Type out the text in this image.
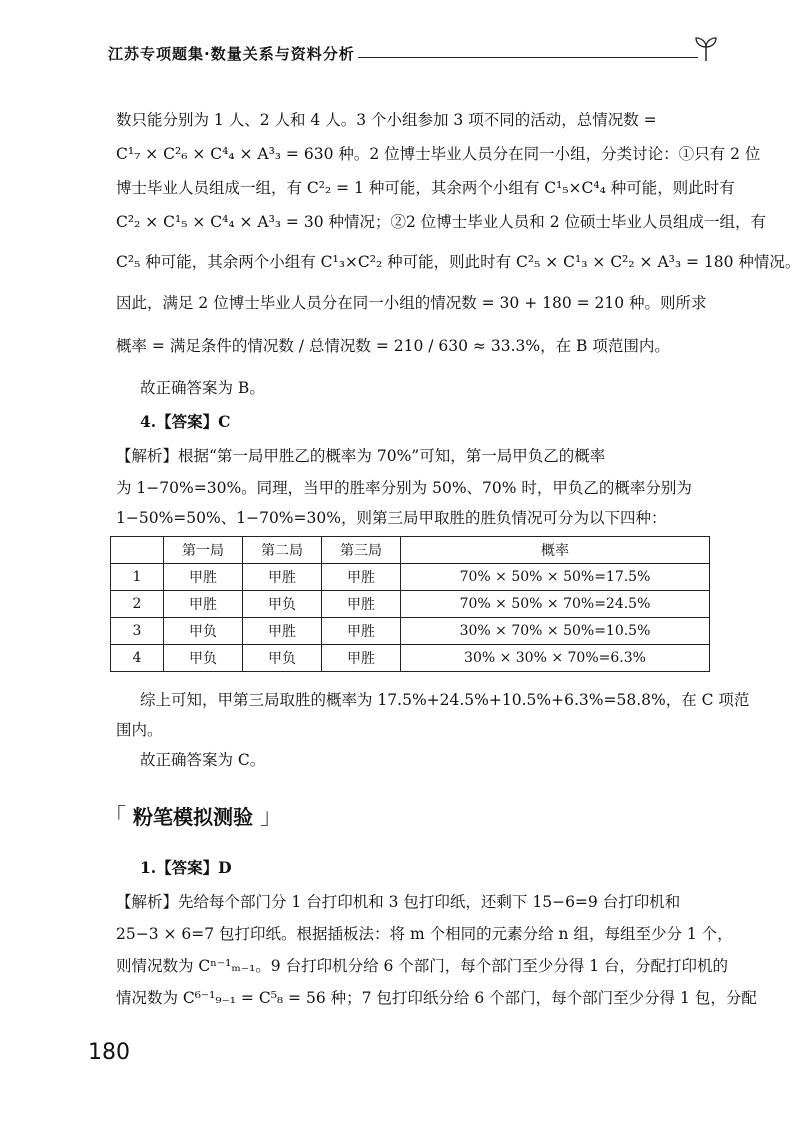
江苏专项题集·数量关系与资料分析
数只能分别为 1 人、2 人和 4 人。3 个小组参加 3 项不同的活动，总情况数 =
C¹₇ × C²₆ × C⁴₄ × A³₃ = 630 种。2 位博士毕业人员分在同一小组，分类讨论：①只有 2 位
博士毕业人员组成一组，有 C²₂ = 1 种可能，其余两个小组有 C¹₅×C⁴₄ 种可能，则此时有
C²₂ × C¹₅ × C⁴₄ × A³₃ = 30 种情况；②2 位博士毕业人员和 2 位硕士毕业人员组成一组，有
C²₅ 种可能，其余两个小组有 C¹₃×C²₂ 种可能，则此时有 C²₅ × C¹₃ × C²₂ × A³₃ = 180 种情况。
因此，满足 2 位博士毕业人员分在同一小组的情况数 = 30 + 180 = 210 种。则所求
概率 = 满足条件的情况数 / 总情况数 = 210 / 630 ≈ 33.3%，在 B 项范围内。
故正确答案为 B。
4.【答案】C
【解析】根据“第一局甲胜乙的概率为 70%”可知，第一局甲负乙的概率
为 1−70%=30%。同理，当甲的胜率分别为 50%、70% 时，甲负乙的概率分别为
1−50%=50%、1−70%=30%，则第三局甲取胜的胜负情况可分为以下四种：
	第一局	第二局	第三局	概率
1	甲胜	甲胜	甲胜	70% × 50% × 50%=17.5%
2	甲胜	甲负	甲胜	70% × 50% × 70%=24.5%
3	甲负	甲胜	甲胜	30% × 70% × 50%=10.5%
4	甲负	甲负	甲胜	30% × 30% × 70%=6.3%
综上可知，甲第三局取胜的概率为 17.5%+24.5%+10.5%+6.3%=58.8%，在 C 项范
围内。
故正确答案为 C。
「 粉笔模拟测验 」
1.【答案】D
【解析】先给每个部门分 1 台打印机和 3 包打印纸，还剩下 15−6=9 台打印机和
25−3 × 6=7 包打印纸。根据插板法：将 m 个相同的元素分给 n 组，每组至少分 1 个，
则情况数为 Cⁿ⁻¹ₘ₋₁。9 台打印机分给 6 个部门，每个部门至少分得 1 台，分配打印机的
情况数为 C⁶⁻¹₉₋₁ = C⁵₈ = 56 种；7 包打印纸分给 6 个部门，每个部门至少分得 1 包，分配
180
